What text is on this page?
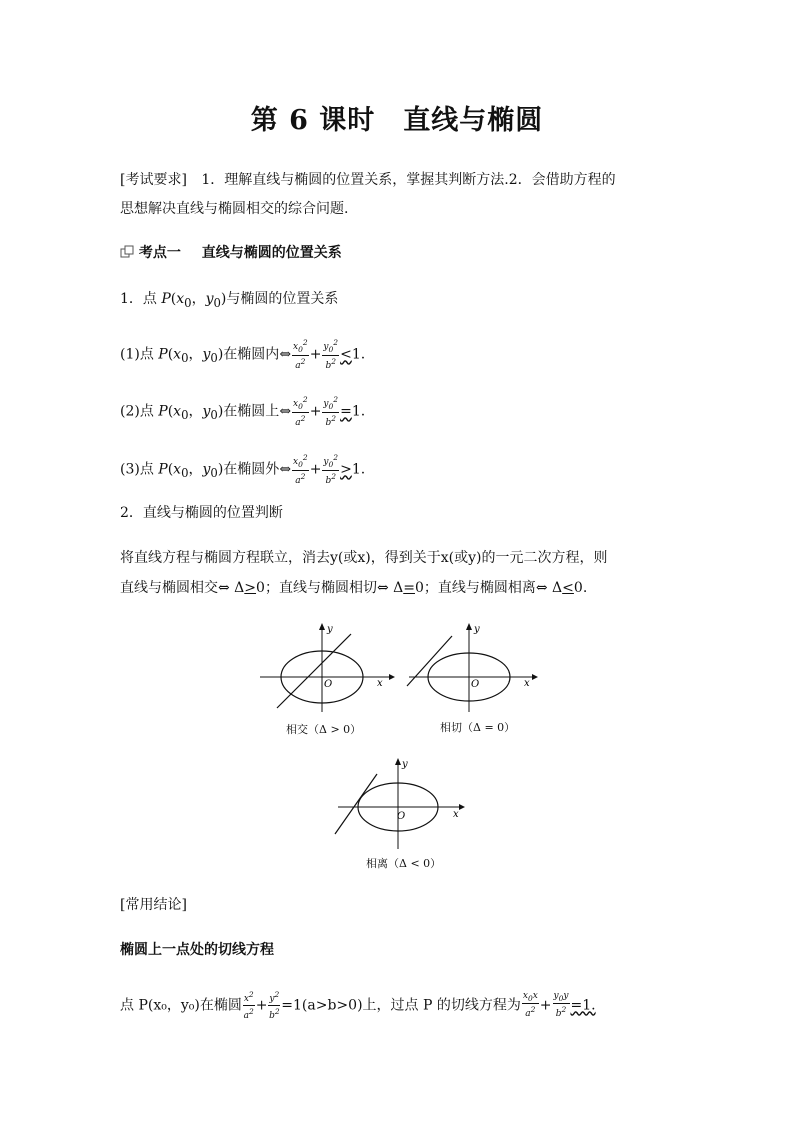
第 6 课时　直线与椭圆
[考试要求] 1．理解直线与椭圆的位置关系，掌握其判断方法.2．会借助方程的
思想解决直线与椭圆相交的综合问题.
考点一 直线与椭圆的位置关系
1．点 $P(x_0$，$y_0$)与椭圆的位置关系
(1)点 $P(x_0$，$y_0$)在椭圆内⇔ $\frac{x_0^2}{a^2} + \frac{y_0^2}{b^2} <1$.
(2)点 $P(x_0$，$y_0$)在椭圆上⇔ $\frac{x_0^2}{a^2} + \frac{y_0^2}{b^2} =1$.
(3)点 $P(x_0$，$y_0$)在椭圆外⇔ $\frac{x_0^2}{a^2} + \frac{y_0^2}{b^2} >1$.
2．直线与椭圆的位置判断
将直线方程与椭圆方程联立，消去y(或x)，得到关于x(或y)的一元二次方程，则
直线与椭圆相交⇔ Δ>0；直线与椭圆相切⇔ Δ=0；直线与椭圆相离⇔ Δ<0.
y
x
O
相交（Δ > 0）
y
x
O
相切（Δ = 0）
y
x
O
相离（Δ < 0）
[常用结论]
椭圆上一点处的切线方程
点 P(x₀，y₀)在椭圆 $\frac{x^2}{a^2} + \frac{y^2}{b^2} =1(a>b>0)$上，过点 P 的切线方程为 $\frac{x_0x}{a^2} + \frac{y_0y}{b^2} =1$.
